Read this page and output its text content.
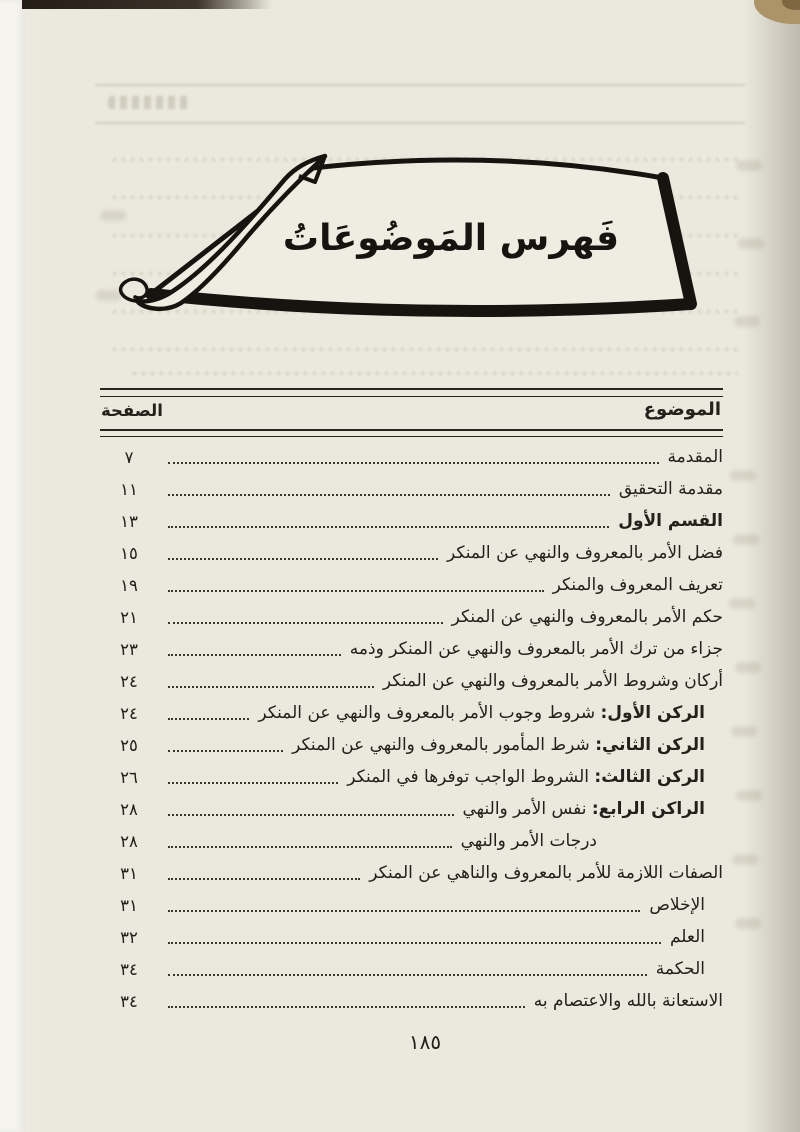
فَهرس المَوضُوعَاتُ
الموضوع
الصفحة
المقدمة
٧
مقدمة التحقيق
١١
القسم الأول
١٣
فضل الأمر بالمعروف والنهي عن المنكر
١٥
تعريف المعروف والمنكر
١٩
حكم الأمر بالمعروف والنهي عن المنكر
٢١
جزاء من ترك الأمر بالمعروف والنهي عن المنكر وذمه
٢٣
أركان وشروط الأمر بالمعروف والنهي عن المنكر
٢٤
الركن الأول: شروط وجوب الأمر بالمعروف والنهي عن المنكر
٢٤
الركن الثاني: شرط المأمور بالمعروف والنهي عن المنكر
٢٥
الركن الثالث: الشروط الواجب توفرها في المنكر
٢٦
الراكن الرابع: نفس الأمر والنهي
٢٨
درجات الأمر والنهي
٢٨
الصفات اللازمة للأمر بالمعروف والناهي عن المنكر
٣١
الإخلاص
٣١
العلم
٣٢
الحكمة
٣٤
الاستعانة بالله والاعتصام به
٣٤
١٨٥
